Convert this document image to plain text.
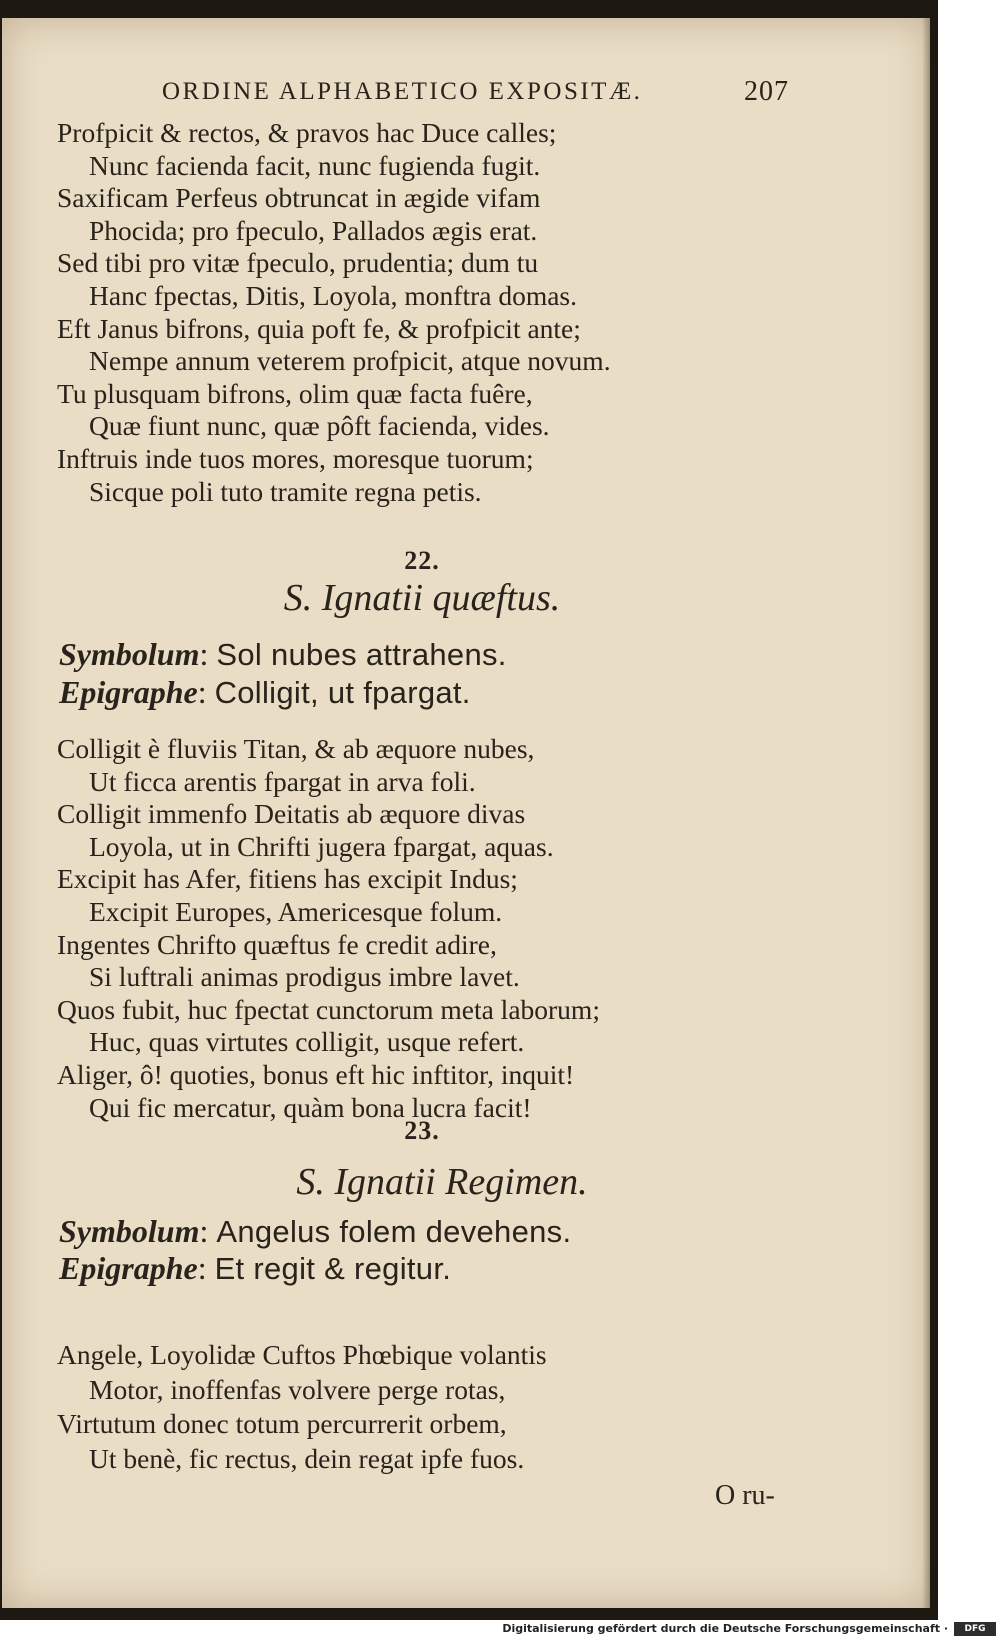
ORDINE ALPHABETICO EXPOSITÆ.	207
Profpicit & rectos, & pravos hac Duce calles;
Nunc facienda facit, nunc fugienda fugit.
Saxificam Perfeus obtruncat in ægide vifam
Phocida; pro fpeculo, Pallados ægis erat.
Sed tibi pro vitæ fpeculo, prudentia; dum tu
Hanc fpectas, Ditis, Loyola, monftra domas.
Eft Janus bifrons, quia poft fe, & profpicit ante;
Nempe annum veterem profpicit, atque novum.
Tu plusquam bifrons, olim quæ facta fuêre,
Quæ fiunt nunc, quæ pôft facienda, vides.
Inftruis inde tuos mores, moresque tuorum;
Sicque poli tuto tramite regna petis.
22.
S. Ignatii quæftus.
Symbolum: Sol nubes attrahens.
Epigraphe: Colligit, ut fpargat.
Colligit è fluviis Titan, & ab æquore nubes,
Ut ficca arentis fpargat in arva foli.
Colligit immenfo Deitatis ab æquore divas
Loyola, ut in Chrifti jugera fpargat, aquas.
Excipit has Afer, fitiens has excipit Indus;
Excipit Europes, Americesque folum.
Ingentes Chrifto quæftus fe credit adire,
Si luftrali animas prodigus imbre lavet.
Quos fubit, huc fpectat cunctorum meta laborum;
Huc, quas virtutes colligit, usque refert.
Aliger, ô! quoties, bonus eft hic inftitor, inquit!
Qui fic mercatur, quàm bona lucra facit!
23.
S. Ignatii Regimen.
Symbolum: Angelus folem devehens.
Epigraphe: Et regit & regitur.
Angele, Loyolidæ Cuftos Phœbique volantis
Motor, inoffenfas volvere perge rotas,
Virtutum donec totum percurrerit orbem,
Ut benè, fic rectus, dein regat ipfe fuos.
O ru-
Digitalisierung gefördert durch die Deutsche Forschungsgemeinschaft ·	DFG
